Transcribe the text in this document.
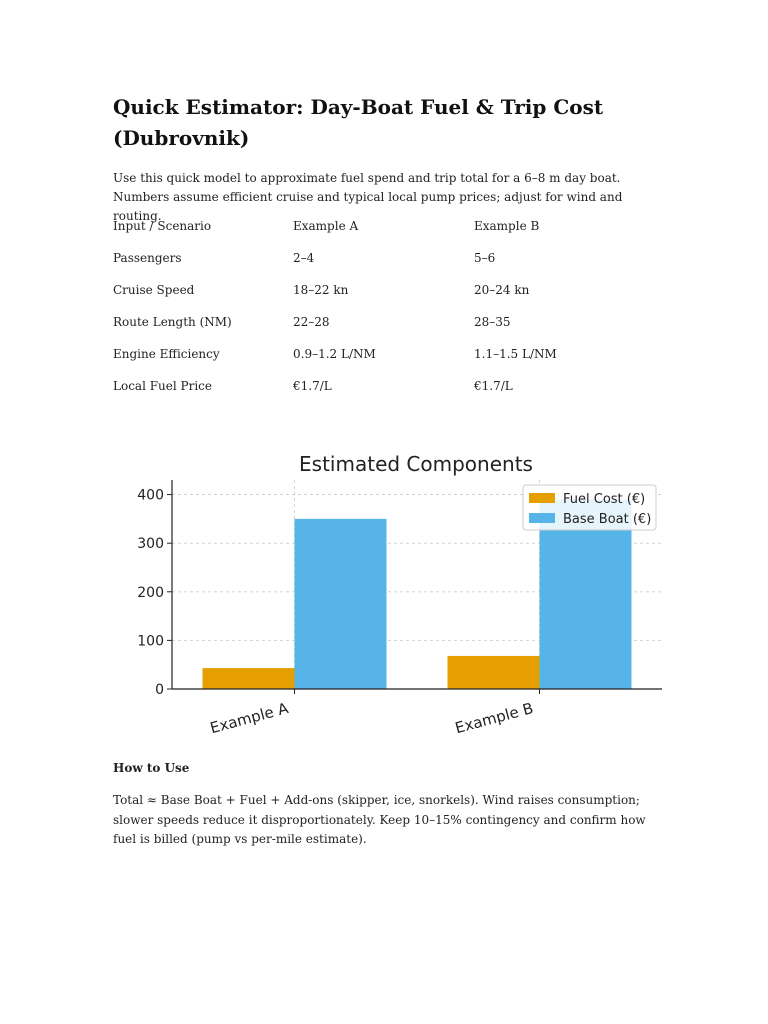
Quick Estimator: Day-Boat Fuel & Trip Cost (Dubrovnik)

Use this quick model to approximate fuel spend and trip total for a 6–8 m day boat. Numbers assume efficient cruise and typical local pump prices; adjust for wind and routing.

Input / Scenario	Example A	Example B
Passengers	2–4	5–6
Cruise Speed	18–22 kn	20–24 kn
Route Length (NM)	22–28	28–35
Engine Efficiency	0.9–1.2 L/NM	1.1–1.5 L/NM
Local Fuel Price	€1.7/L	€1.7/L

How to Use

Total ≈ Base Boat + Fuel + Add-ons (skipper, ice, snorkels). Wind raises consumption; slower speeds reduce it disproportionately. Keep 10–15% contingency and confirm how fuel is billed (pump vs per-mile estimate).

Estimated Components
0
100
200
300
400
Example A	Example B
Fuel Cost (€)
Base Boat (€)
